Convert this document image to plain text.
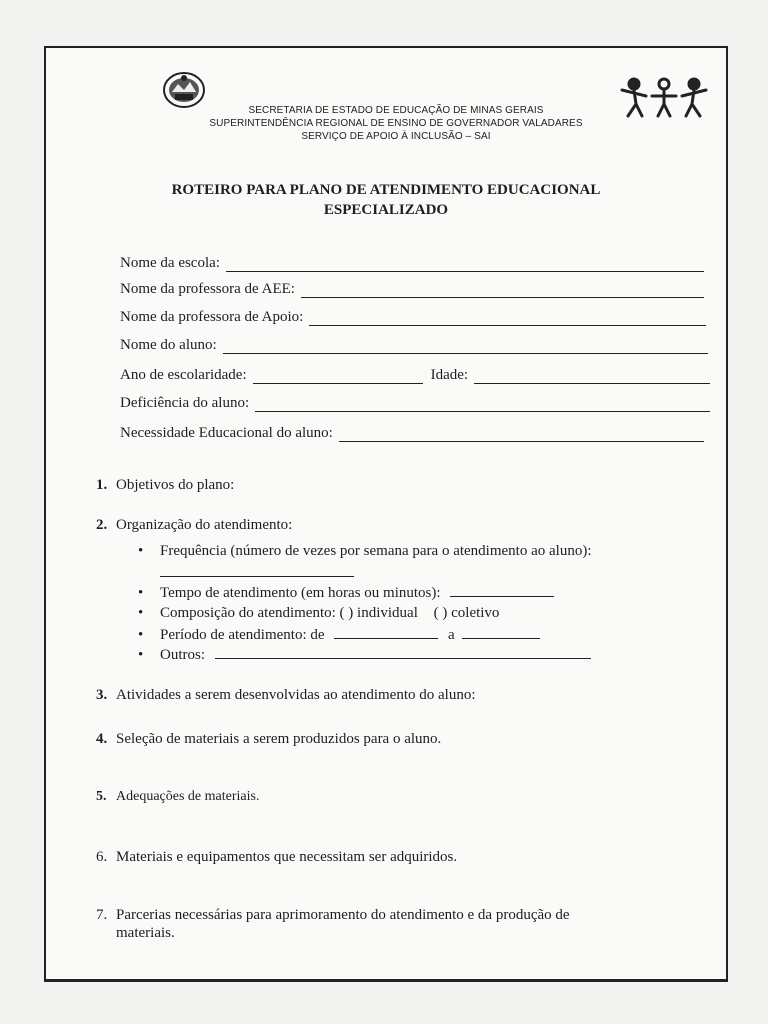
SECRETARIA DE ESTADO DE EDUCAÇÃO DE MINAS GERAIS
SUPERINTENDÊNCIA REGIONAL DE ENSINO DE GOVERNADOR VALADARES
SERVIÇO DE APOIO À INCLUSÃO – SAI

ROTEIRO PARA PLANO DE ATENDIMENTO EDUCACIONAL
ESPECIALIZADO
Nome da escola:
Nome da professora de AEE:
Nome da professora de Apoio:
Nome do aluno:
Ano de escolaridade:	Idade:
Deficiência do aluno:
Necessidade Educacional do aluno:
1. Objetivos do plano:
2. Organização do atendimento:
• Frequência (número de vezes por semana para o atendimento ao aluno):
• Tempo de atendimento (em horas ou minutos):
• Composição do atendimento: ( ) individual ( ) coletivo
• Período de atendimento: de	a
• Outros:
3. Atividades a serem desenvolvidas ao atendimento do aluno:
4. Seleção de materiais a serem produzidos para o aluno.
5. Adequações de materiais.
6. Materiais e equipamentos que necessitam ser adquiridos.
7. Parcerias necessárias para aprimoramento do atendimento e da produção de
materiais.
